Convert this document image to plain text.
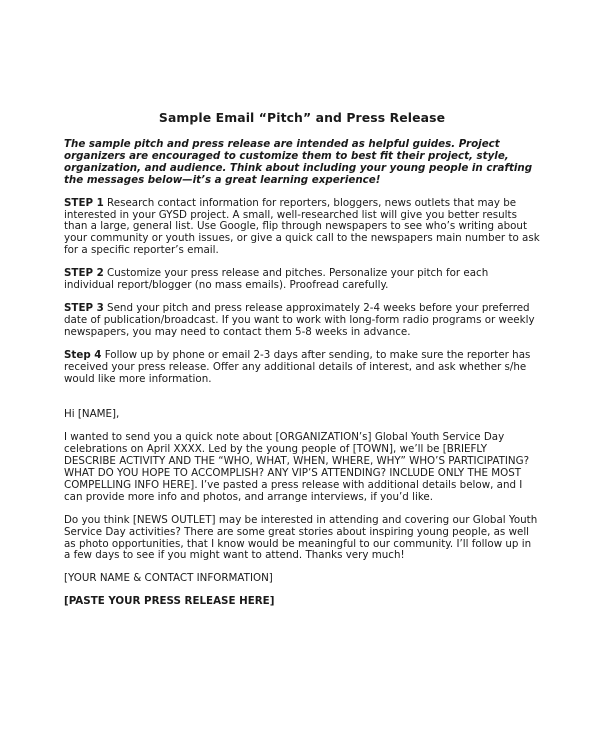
Sample Email “Pitch” and Press Release

The sample pitch and press release are intended as helpful guides. Project organizers are encouraged to customize them to best fit their project, style, organization, and audience. Think about including your young people in crafting the messages below—it’s a great learning experience!

STEP 1 Research contact information for reporters, bloggers, news outlets that may be interested in your GYSD project. A small, well-researched list will give you better results than a large, general list. Use Google, flip through newspapers to see who’s writing about your community or youth issues, or give a quick call to the newspapers main number to ask for a specific reporter’s email.

STEP 2 Customize your press release and pitches. Personalize your pitch for each individual report/blogger (no mass emails). Proofread carefully.

STEP 3 Send your pitch and press release approximately 2-4 weeks before your preferred date of publication/broadcast. If you want to work with long-form radio programs or weekly newspapers, you may need to contact them 5-8 weeks in advance.

Step 4 Follow up by phone or email 2-3 days after sending, to make sure the reporter has received your press release. Offer any additional details of interest, and ask whether s/he would like more information.

Hi [NAME],

I wanted to send you a quick note about [ORGANIZATION’s] Global Youth Service Day celebrations on April XXXX. Led by the young people of [TOWN], we’ll be [BRIEFLY DESCRIBE ACTIVITY AND THE “WHO, WHAT, WHEN, WHERE, WHY” WHO’S PARTICIPATING? WHAT DO YOU HOPE TO ACCOMPLISH? ANY VIP’S ATTENDING? INCLUDE ONLY THE MOST COMPELLING INFO HERE]. I’ve pasted a press release with additional details below, and I can provide more info and photos, and arrange interviews, if you’d like.

Do you think [NEWS OUTLET] may be interested in attending and covering our Global Youth Service Day activities? There are some great stories about inspiring young people, as well as photo opportunities, that I know would be meaningful to our community. I’ll follow up in a few days to see if you might want to attend. Thanks very much!

[YOUR NAME & CONTACT INFORMATION]

[PASTE YOUR PRESS RELEASE HERE]
